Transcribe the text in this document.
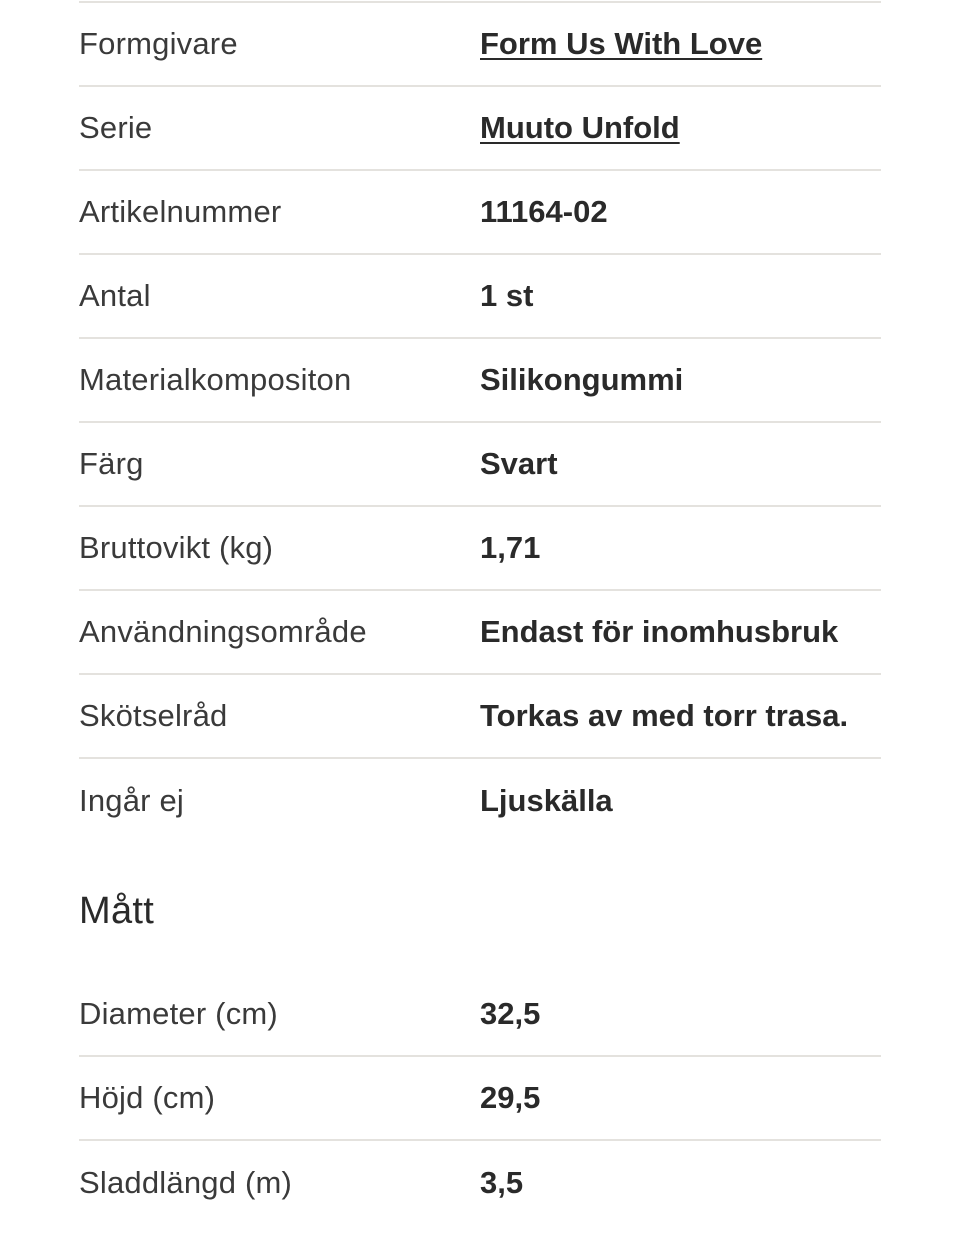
Formgivare	Form Us With Love
Serie	Muuto Unfold
Artikelnummer	11164-02
Antal	1 st
Materialkompositon	Silikongummi
Färg	Svart
Bruttovikt (kg)	1,71
Användningsområde	Endast för inomhusbruk
Skötselråd	Torkas av med torr trasa.
Ingår ej	Ljuskälla
Mått
Diameter (cm)	32,5
Höjd (cm)	29,5
Sladdlängd (m)	3,5
